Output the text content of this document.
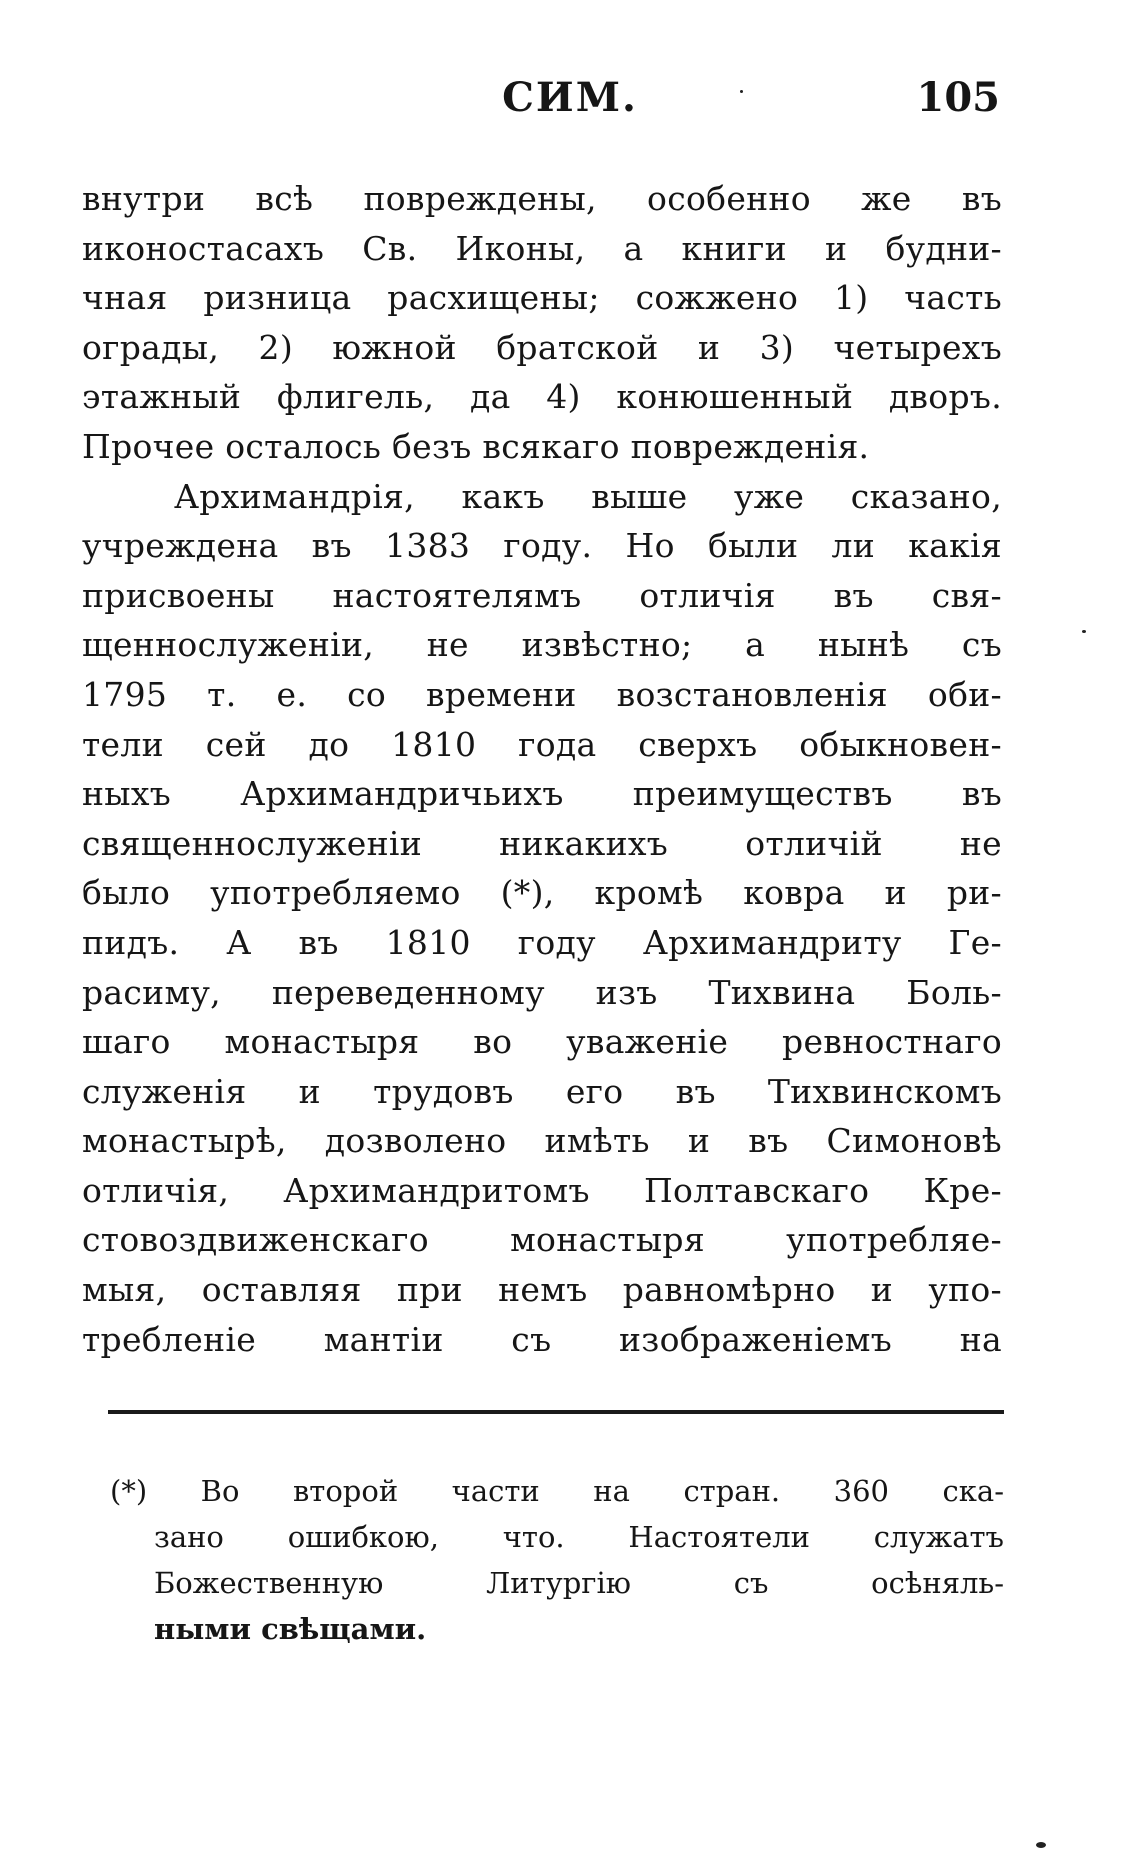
СИМ.	105
внутри всѣ повреждены, особенно же въ
иконостасахъ Св. Иконы, а книги и будни-
чная ризница расхищены; сожжено 1) часть
ограды, 2) южной братской и 3) четырехъ
этажный флигель, да 4) конюшенный дворъ.
Прочее осталось безъ всякаго поврежденія.
Архимандрія, какъ выше уже сказано,
учреждена въ 1383 году. Но были ли какія
присвоены настоятелямъ отличія въ свя-
щеннослуженіи, не извѣстно; а нынѣ съ
1795 т. е. со времени возстановленія оби-
тели сей до 1810 года сверхъ обыкновен-
ныхъ Архимандричьихъ преимуществъ въ
священнослуженіи никакихъ отличій не
было употребляемо (*), кромѣ ковра и ри-
пидъ. А въ 1810 году Архимандриту Ге-
расиму, переведенному изъ Тихвина Боль-
шаго монастыря во уваженіе ревностнаго
служенія и трудовъ его въ Тихвинскомъ
монастырѣ, дозволено имѣть и въ Симоновѣ
отличія, Архимандритомъ Полтавскаго Кре-
стовоздвиженскаго монастыря употребляе-
мыя, оставляя при немъ равномѣрно и упо-
требленіе мантіи съ изображеніемъ на
(*) Во второй части на стран. 360 ска-
зано ошибкою, что. Настоятели служатъ
Божественную Литургію съ осѣняль-
ными свѣщами.
